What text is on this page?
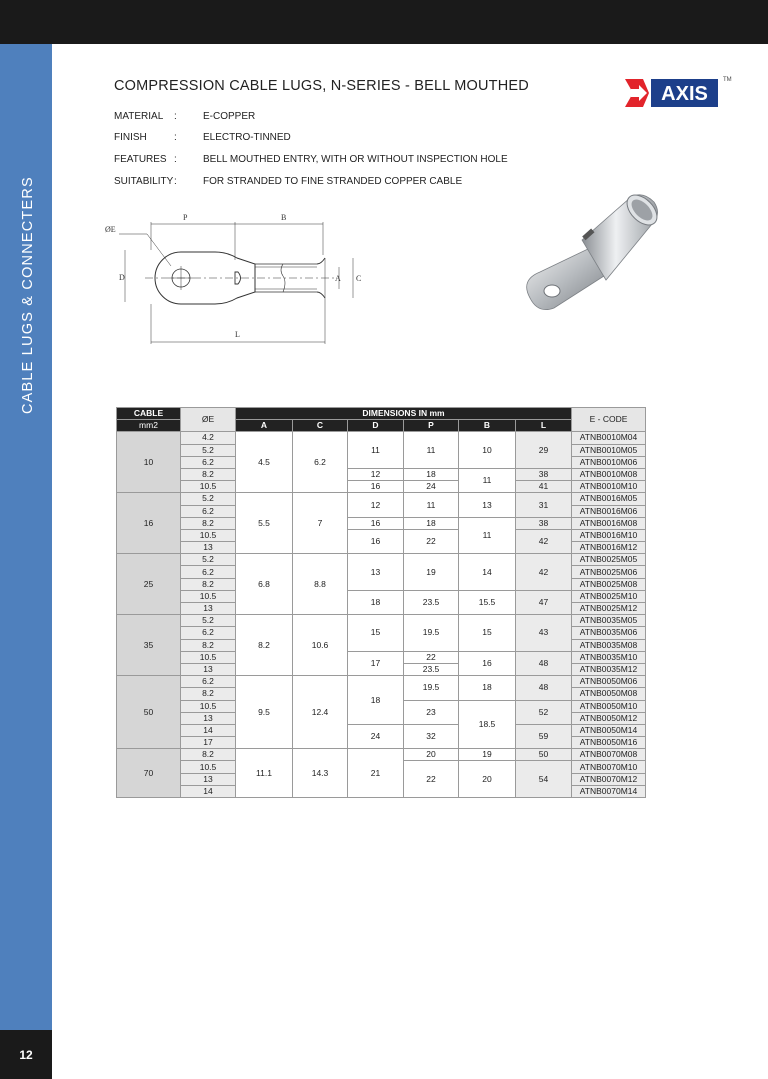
CABLE LUGS & CONNECTERS
12
COMPRESSION CABLE LUGS, N-SERIES - BELL MOUTHED	AXIS
TM
MATERIAL	:	E-COPPER
FINISH	:	ELECTRO-TINNED
FEATURES :	BELL MOUTHED ENTRY, WITH OR WITHOUT INSPECTION HOLE
SUITABILITY :	FOR STRANDED TO FINE STRANDED COPPER CABLE
P	B
ØE
D	A C
L
CABLE	ØE	DIMENSIONS IN mm						E - CODE
mm2		A	C	D	P	B	L	
10	4.2	4.5	6.2	11	11	10	29	ATNB0010M04
	5.2							ATNB0010M05
	6.2							ATNB0010M06
	8.2			12	18	11	38	ATNB0010M08
	10.5			16	24		41	ATNB0010M10
16	5.2	5.5	7	12	11	13	31	ATNB0016M05
	6.2							ATNB0016M06
	8.2			16	18	11	38	ATNB0016M08
	10.5			16	22		42	ATNB0016M10
	13							ATNB0016M12
25	5.2	6.8	8.8	13	19	14	42	ATNB0025M05
	6.2							ATNB0025M06
	8.2							ATNB0025M08
	10.5			18	23.5	15.5	47	ATNB0025M10
	13							ATNB0025M12
35	5.2	8.2	10.6	15	19.5	15	43	ATNB0035M05
	6.2							ATNB0035M06
	8.2							ATNB0035M08
	10.5			17	22	16	48	ATNB0035M10
	13				23.5			ATNB0035M12
50	6.2	9.5	12.4	18	19.5	18	48	ATNB0050M06
	8.2							ATNB0050M08
	10.5				23	18.5	52	ATNB0050M10
	13							ATNB0050M12
	14			24	32		59	ATNB0050M14
	17							ATNB0050M16
70	8.2	11.1	14.3	21	20	19	50	ATNB0070M08
	10.5				22	20	54	ATNB0070M10
	13							ATNB0070M12
	14							ATNB0070M14
